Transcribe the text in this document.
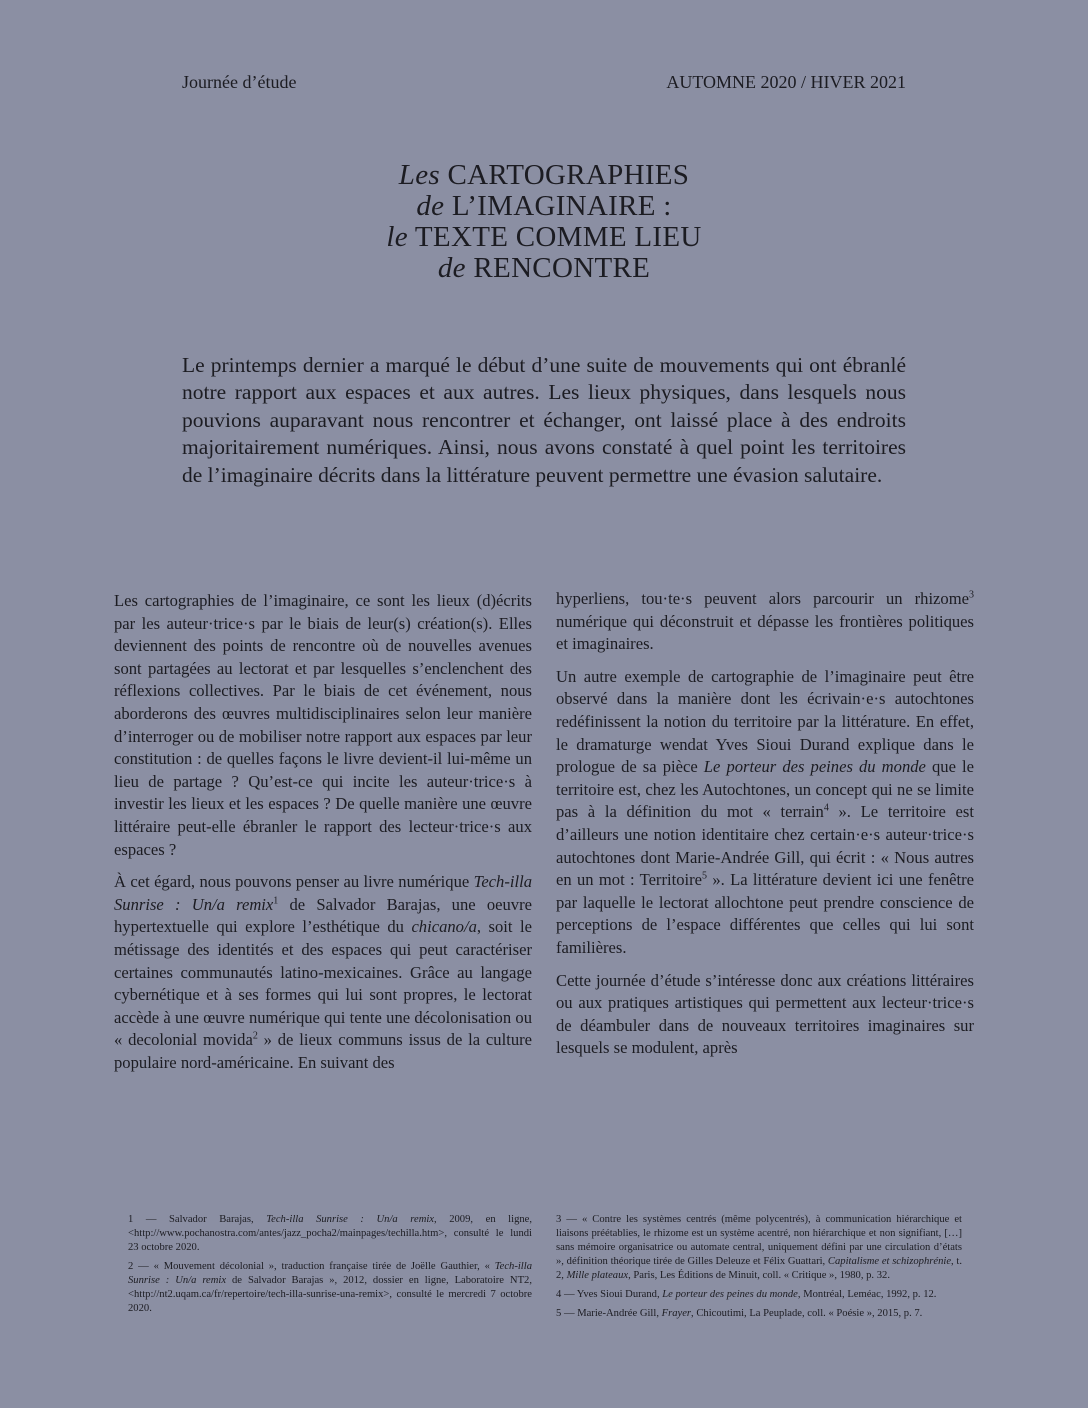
Journée d’étude	AUTOMNE 2020 / HIVER 2021
Les CARTOGRAPHIES
de L’IMAGINAIRE :
le TEXTE COMME LIEU
de RENCONTRE
Le printemps dernier a marqué le début d’une suite de mouvements qui ont ébranlé notre rapport aux espaces et aux autres. Les lieux physiques, dans lesquels nous pouvions auparavant nous rencontrer et échanger, ont laissé place à des endroits majoritairement numériques. Ainsi, nous avons constaté à quel point les territoires de l’imaginaire décrits dans la littérature peuvent permettre une évasion salutaire.

Les cartographies de l’imaginaire, ce sont les lieux (d)écrits par les auteur·trice·s par le biais de leur(s) création(s). Elles deviennent des points de rencontre où de nouvelles avenues sont partagées au lectorat et par lesquelles s’enclenchent des réflexions collectives. Par le biais de cet événement, nous aborderons des œuvres multidisciplinaires selon leur manière d’interroger ou de mobiliser notre rapport aux espaces par leur constitution : de quelles façons le livre devient-il lui-même un lieu de partage ? Qu’est-ce qui incite les auteur·trice·s à investir les lieux et les espaces ? De quelle manière une œuvre littéraire peut-elle ébranler le rapport des lecteur·trice·s aux espaces ?

À cet égard, nous pouvons penser au livre numérique Tech-illa Sunrise : Un/a remix$^1$ de Salvador Barajas, une oeuvre hypertextuelle qui explore l’esthétique du chicano/a, soit le métissage des identités et des espaces qui peut caractériser certaines communautés latino-mexicaines. Grâce au langage cybernétique et à ses formes qui lui sont propres, le lectorat accède à une œuvre numérique qui tente une décolonisation ou « decolonial movida$^2$ » de lieux communs issus de la culture populaire nord-américaine. En suivant des

hyperliens, tou·te·s peuvent alors parcourir un rhizome$^3$ numérique qui déconstruit et dépasse les frontières politiques et imaginaires.

Un autre exemple de cartographie de l’imaginaire peut être observé dans la manière dont les écrivain·e·s autochtones redéfinissent la notion du territoire par la littérature. En effet, le dramaturge wendat Yves Sioui Durand explique dans le prologue de sa pièce Le porteur des peines du monde que le territoire est, chez les Autochtones, un concept qui ne se limite pas à la définition du mot « terrain$^4$ ». Le territoire est d’ailleurs une notion identitaire chez certain·e·s auteur·trice·s autochtones dont Marie-Andrée Gill, qui écrit : « Nous autres en un mot : Territoire$^5$ ». La littérature devient ici une fenêtre par laquelle le lectorat allochtone peut prendre conscience de perceptions de l’espace différentes que celles qui lui sont familières.

Cette journée d’étude s’intéresse donc aux créations littéraires ou aux pratiques artistiques qui permettent aux lecteur·trice·s de déambuler dans de nouveaux territoires imaginaires sur lesquels se modulent, après

1 — Salvador Barajas, Tech-illa Sunrise : Un/a remix, 2009, en ligne, <http://www.pochanostra.com/antes/jazz_pocha2/mainpages/techilla.htm>, consulté le lundi 23 octobre 2020.

2 — « Mouvement décolonial », traduction française tirée de Joëlle Gauthier, « Tech-illa Sunrise : Un/a remix de Salvador Barajas », 2012, dossier en ligne, Laboratoire NT2, <http://nt2.uqam.ca/fr/repertoire/tech-illa-sunrise-una-remix>, consulté le mercredi 7 octobre 2020.

3 — « Contre les systèmes centrés (même polycentrés), à communication hiérarchique et liaisons préétablies, le rhizome est un système acentré, non hiérarchique et non signifiant, […] sans mémoire organisatrice ou automate central, uniquement défini par une circulation d’états », définition théorique tirée de Gilles Deleuze et Félix Guattari, Capitalisme et schizophrénie, t. 2, Mille plateaux, Paris, Les Éditions de Minuit, coll. « Critique », 1980, p. 32.

4 — Yves Sioui Durand, Le porteur des peines du monde, Montréal, Leméac, 1992, p. 12.

5 — Marie-Andrée Gill, Frayer, Chicoutimi, La Peuplade, coll. « Poésie », 2015, p. 7.
